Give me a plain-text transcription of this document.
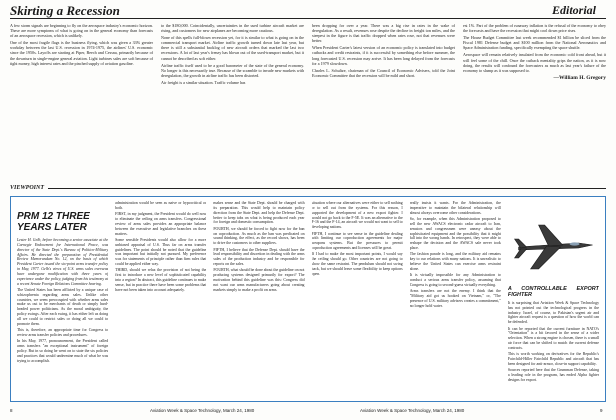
Skirting a Recession	Editorial

A few storm signals are beginning to fly on the aerospace industry's economic horizon. These are more symptoms of what is going on in the general economy than forecasts of an aerospace recession, which is unlikely.

One of the most fragile flags is the business flying, which was given a 33% greater workday between the last U.S. recession in 1974-1975, the airlines' U.S. economic since the 1950s. Layoffs are starting at Piper, Beech and Cessna, primarily because of the downturn in single-engine general aviation. Light turbines sales are soft because of tight money, high interest rates and the pinched supply of aviation gasoline.

to the $180,000. Coincidentally, uncertainties in the used turbine aircraft market are rising, and customers for new airplanes are becoming more cautious.

None of this spells full-blown recession yet, for it is similar to what is going on in the commercial transport market. Airline traffic growth turned down late last year, but there is still a substantial backlog of new aircraft orders that marked the last two recessions. A lot of last year's frenzy has blown out of the used-transport market, but it cannot be described as soft either.

Airline traffic itself used to be a good barometer of the state of the general economy. No longer is this necessarily true. Because of the scramble to invade new markets with deregulation, the growth in airline traffic has been distorted.

Air freight is a similar situation. Traffic volume has

been dropping for over a year. There was a big rise in rates in the wake of deregulation. As a result, revenues rose despite the decline in freight ton miles, and the steepest in the figure is that traffic dropped when rates rose, not that revenues were better.

When President Carter's latest version of an economic policy is translated into budget cutbacks and credit restraints, if it is successful by something else before summer, the long forecasted U.S. recession may arrive. It has been long delayed from the forecasts for a 1979 slowdown.

Charles L. Schultze, chairman of the Council of Economic Advisers, told the Joint Economic Committee that the recession will be mild and short.

est 1%. Part of the problem of runaway inflation is the refusal of the economy to obey the forecasts and have the recession that might cool down price rises.

The House Budget Committee last week recommended $1 billion be sliced from the Fiscal 1981 Defense budget and $100 million from the National Aeronautics and Space Administration funding, specifically exempting the space shuttle.

Aerospace will remain relatively insulated from the economic cold front ahead, but it will feel some of the chill. Once the cutback mentality grips the nation, as it is now doing, the results will confound the forecasters as much as last year's failure of the economy to slump as it was supposed to.

—William H. Gregory
VIEWPOINT
PRM 12 THREE YEARS LATER

Lester H. Gelb, before becoming a senior associate at the Carnegie Endowment for International Peace, was director of the State Dept.'s Bureau of Politico-Military Affairs. He directed the preparation of Presidential Review Memorandum No. 12, on the basis of which President Carter issued the six-point arms transfer policy in May, 1977. Gelb's views of U.S. arms sales overseas have undergone modification with three years of experience under the policy, judging from his testimony at a recent Senate Foreign Relations Committee hearing.

The United States has been afflicted by a unique case of schizophrenia regarding arms sales. Unlike other countries, we seem preoccupied with whether arms sales make us out to be merchants of death or simply hard-headed power politicians. As the moral ambiguity, the policy swings. After each swing, it has either left us doing all we could to restrict sales or doing all we could to promote them.

This is, therefore, an appropriate time for Congress to review arms transfer policies and procedures.

In his May, 1977, pronouncement, the President called arms transfers "an exceptional instrument" of foreign policy. But in so doing he went on to state the six policies and practices that would undermine much of what he was trying to accomplish.

administration would be seen as naive or hypocritical or both.

FIRST, in my judgment, the President would do well now to eliminate the ceiling on arms transfers. Congressional review of arms sales provides an appropriate balance between the executive and legislative branches on these matters.

Some sensible Presidents would also allow for a more unbiased appraisal of U.S. Thus far on arms transfer guidelines. The point should be noted that the guideline was important but initially not pursued. My preference was for statements of principle rather than firm rules that could be applied either way.

THIRD, should we relax the provision of not being the first to introduce a new level of sophisticated capability into a region? In abstract, this guideline continues to make sense, but in practice there have been some problems that have not been taken into account adequately.

makes sense and the State Dept. should be charged with its preparation. This would help to maintain policy direction from the State Dept. and help the Defense Dept. better to keep tabs on what is being produced each year for foreign and domestic consumption.

FOURTH, we should be forced to fight now for the ban on coproduction. As much as the ban was predicated on sound thinking, the effect, as the record shows, has been to drive the customers to other suppliers.

FIFTH, I believe that the Defense Dept. should have the lead responsibility and discretion in dealing with the arms sales of the production industry and be responsible for reports on the sales.

FOURTH, what should be done about the guideline on not producing systems designed primarily for export? The motivation behind this guideline was this: Congress did not want our arms manufacturers going about creating markets simply to make a profit on arms.

situation where our alternatives were either to sell nothing or to sell out from the systems. For this reason, I supported the development of a new export fighter. I would not go back to the F-5E. It was an alternative to the F-16 and the F-14, an aircraft we would not want to sell to developing nations.

FIFTH, I continue to see sense in the guideline dealing with limiting our coproduction agreements for major weapons systems. But the pressures to permit coproduction agreements and licenses will be great.

If I had to make the most important points, I would say the ceiling should go. Other countries are not going to show the same restraint. The pendulum should not swing back, but we should leave some flexibility to keep options open.

really insists it wants. For the Administration, the imperative to maintain the bilateral relationship will almost always overcome other considerations.

So, for example, when this Administration proposed to sell the new AWACS electronic radar aircraft to Iran, senators and congressmen were uneasy about the sophisticated equipment and the possibility that it might fall into the wrong hands. In retrospect, they were able to reshape the decision and the AWACS sale never took place.

The fashion parade is long, and the military aid remains key to our relations with many nations. It is unrealistic to believe the United States can exercise arms restraint alone.

It is virtually impossible for any Administration to conduct a serious arms transfer policy, assuming that Congress is going to second-guess virtually everything.

Arms transfers are not the enemy. I think that the "Military aid got us hooked on Vietnam," or, "The presence of U.S. military advisers creates a commitment," no longer hold water.

A CONTROLLABLE EXPORT FIGHTER

It is surprising that Aviation Week & Space Technology has not pointed out the technological progress in the industry. Israel, of course, to Pakistan's urgent air and fighter aircraft request is a question of how the world can be defended.

It can be reported that the current furniture in NATO's "Orientation" is a bit favored in the sense of a wider selection. When a strong engine is chosen, there is a small air force that can be shifted to match the current defense contracts.

This is worth working on derivatives for the Republic's Fairchild-Hiller Fairchild Republic and aircraft that has been designed for anti-armor, close-in support capability.

Sources reported here that the Grumman Defense, taking a leading role in the program, has ended Alpha fighter designs for export.

8	Aviation Week & Space Technology, March 24, 1980	Aviation Week & Space Technology, March 24, 1980	9
